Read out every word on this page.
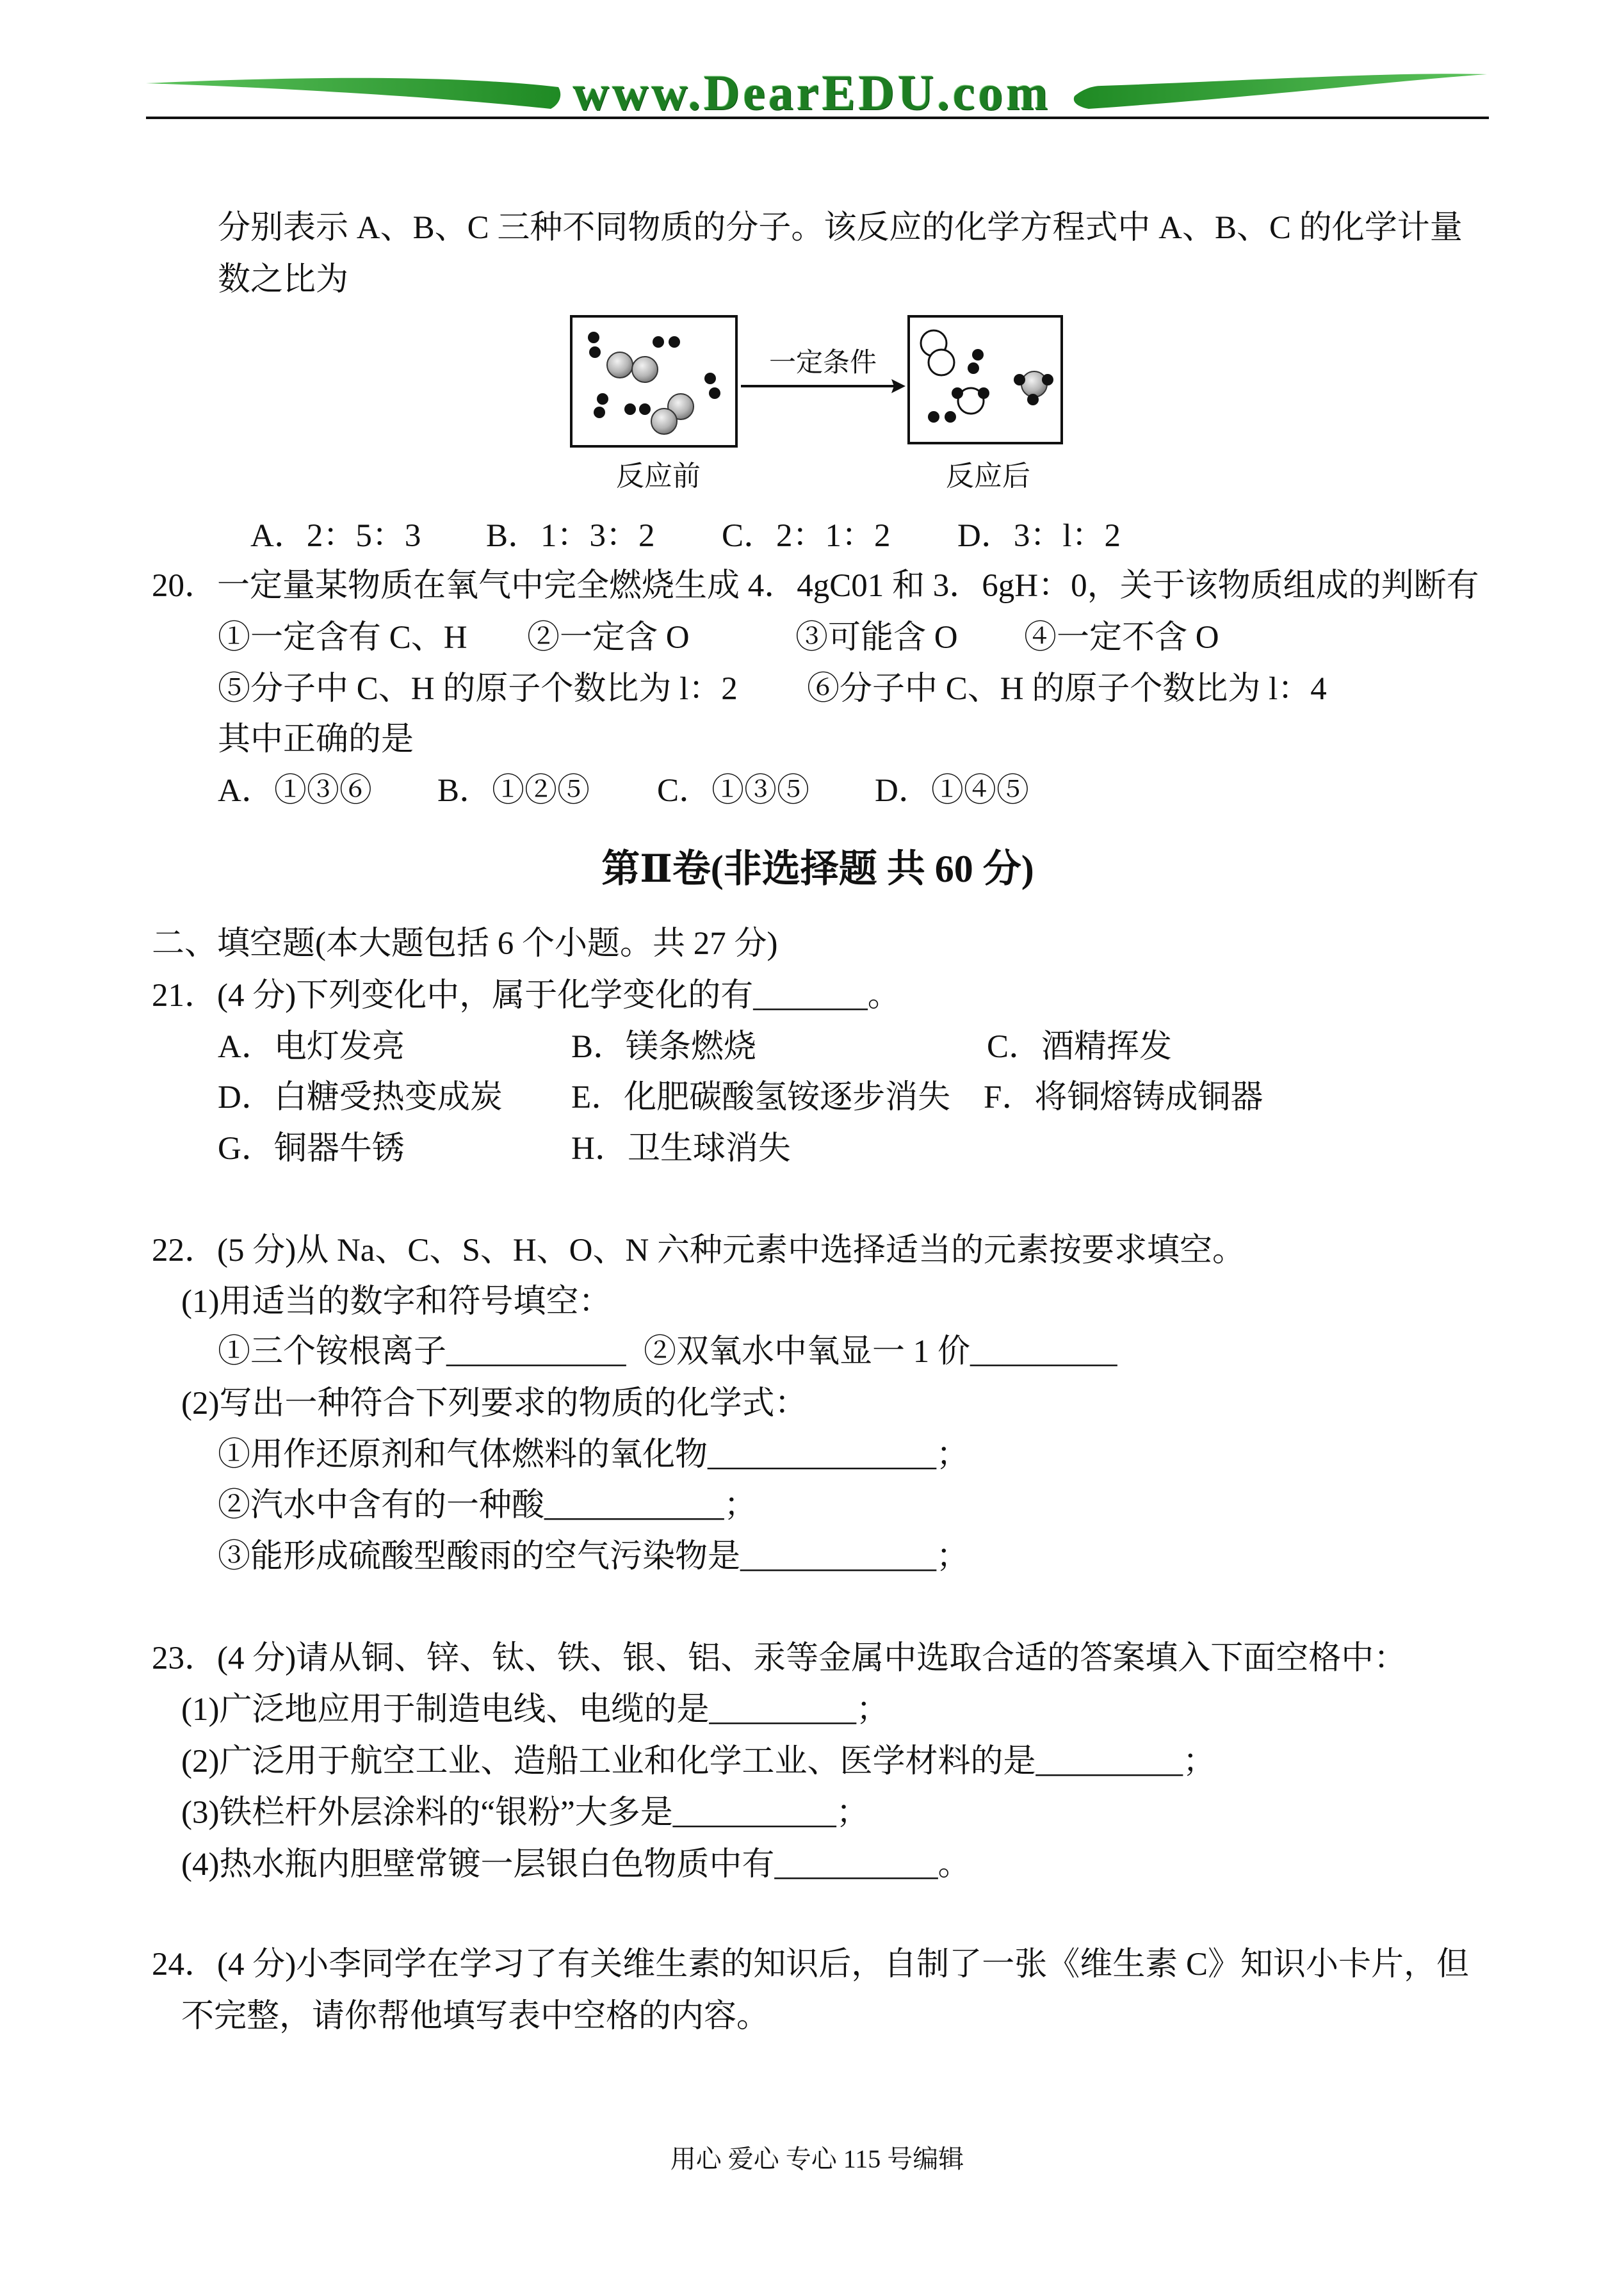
www.DearEDU.com
分别表示 A、B、C 三种不同物质的分子。该反应的化学方程式中 A、B、C 的化学计量
数之比为
一定条件
反应前	反应后
A．2：5：3 B．1：3：2 C．2：1：2 D．3：l：2
20．一定量某物质在氧气中完全燃烧生成 4．4gC01 和 3．6gH：0，关于该物质组成的判断有
①一定含有 C、H ②一定含 O	③可能含 O ④一定不含 O
⑤分子中 C、H 的原子个数比为 l：2 ⑥分子中 C、H 的原子个数比为 l：4
其中正确的是
A．①③⑥ B．①②⑤ C．①③⑤ D．①④⑤
第Ⅱ卷(非选择题 共 60 分)
二、填空题(本大题包括 6 个小题。共 27 分)
21．(4 分)下列变化中，属于化学变化的有_______。
A．电灯发亮	B．镁条燃烧	C．酒精挥发
D．白糖受热变成炭 E．化肥碳酸氢铵逐步消失 F．将铜熔铸成铜器
G．铜器牛锈	H．卫生球消失
22．(5 分)从 Na、C、S、H、O、N 六种元素中选择适当的元素按要求填空。
(1)用适当的数字和符号填空：
①三个铵根离子___________ ②双氧水中氧显一 1 价_________
(2)写出一种符合下列要求的物质的化学式：
①用作还原剂和气体燃料的氧化物______________；
②汽水中含有的一种酸___________；
③能形成硫酸型酸雨的空气污染物是____________；
23．(4 分)请从铜、锌、钛、铁、银、铝、汞等金属中选取合适的答案填入下面空格中：
(1)广泛地应用于制造电线、电缆的是_________；
(2)广泛用于航空工业、造船工业和化学工业、医学材料的是_________；
(3)铁栏杆外层涂料的“银粉”大多是__________；
(4)热水瓶内胆壁常镀一层银白色物质中有__________。
24．(4 分)小李同学在学习了有关维生素的知识后，自制了一张《维生素 C》知识小卡片，但
不完整，请你帮他填写表中空格的内容。
用心 爱心 专心 115 号编辑
